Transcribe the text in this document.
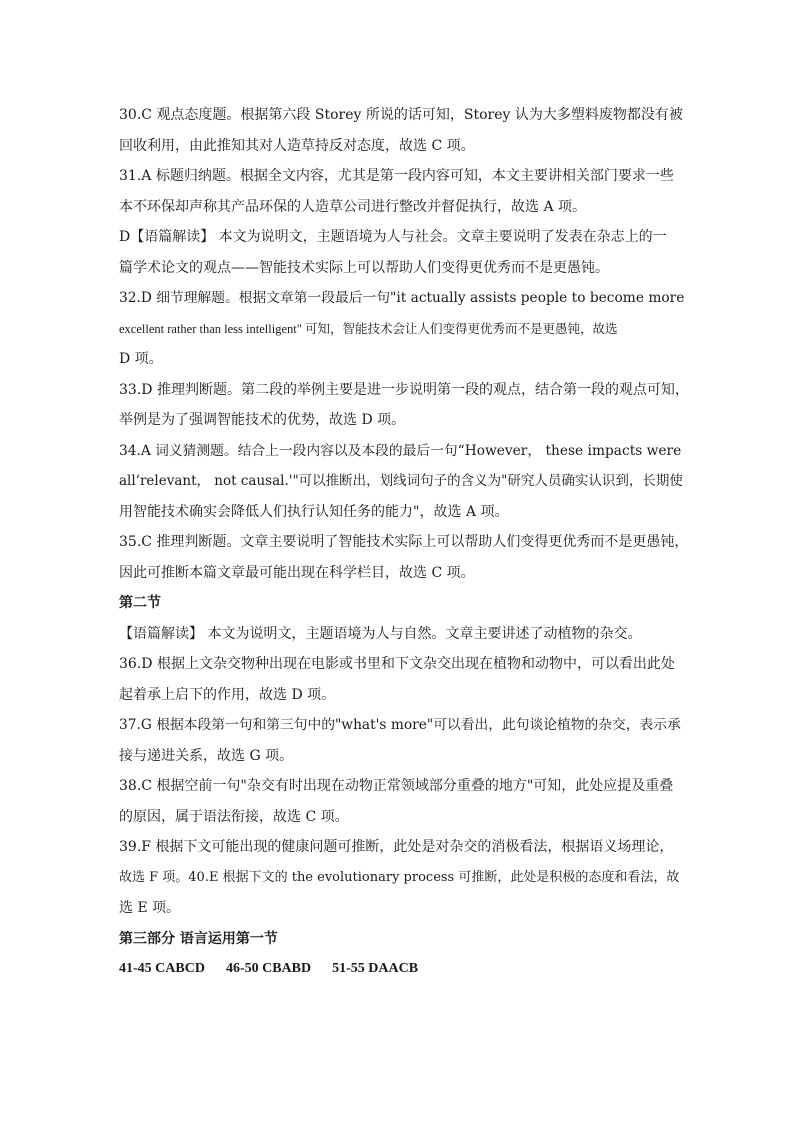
30.C 观点态度题。根据第六段 Storey 所说的话可知，Storey 认为大多塑料废物都没有被
回收利用，由此推知其对人造草持反对态度，故选 C 项。
31.A 标题归纳题。根据全文内容，尤其是第一段内容可知，本文主要讲相关部门要求一些
本不环保却声称其产品环保的人造草公司进行整改并督促执行，故选 A 项。
D【语篇解读】 本文为说明文，主题语境为人与社会。文章主要说明了发表在杂志上的一
篇学术论文的观点——智能技术实际上可以帮助人们变得更优秀而不是更愚钝。
32.D 细节理解题。根据文章第一段最后一句"it actually assists people to become more
excellent rather than less intelligent" 可知，智能技术会让人们变得更优秀而不是更愚钝，故选
D 项。
33.D 推理判断题。第二段的举例主要是进一步说明第一段的观点，结合第一段的观点可知，
举例是为了强调智能技术的优势，故选 D 项。
34.A 词义猜测题。结合上一段内容以及本段的最后一句“However， these impacts were
all‘relevant， not causal.'"可以推断出，划线词句子的含义为"研究人员确实认识到，长期使
用智能技术确实会降低人们执行认知任务的能力"，故选 A 项。
35.C 推理判断题。文章主要说明了智能技术实际上可以帮助人们变得更优秀而不是更愚钝，
因此可推断本篇文章最可能出现在科学栏目，故选 C 项。
第二节
【语篇解读】 本文为说明文，主题语境为人与自然。文章主要讲述了动植物的杂交。
36.D 根据上文杂交物种出现在电影或书里和下文杂交出现在植物和动物中，可以看出此处
起着承上启下的作用，故选 D 项。
37.G 根据本段第一句和第三句中的"what's more"可以看出，此句谈论植物的杂交，表示承
接与递进关系，故选 G 项。
38.C 根据空前一句"杂交有时出现在动物正常领域部分重叠的地方"可知，此处应提及重叠
的原因，属于语法衔接，故选 C 项。
39.F 根据下文可能出现的健康问题可推断，此处是对杂交的消极看法，根据语义场理论，
故选 F 项。40.E 根据下文的 the evolutionary process 可推断，此处是积极的态度和看法，故
选 E 项。
第三部分 语言运用第一节
41-45 CABCD      46-50 CBABD      51-55 DAACB
